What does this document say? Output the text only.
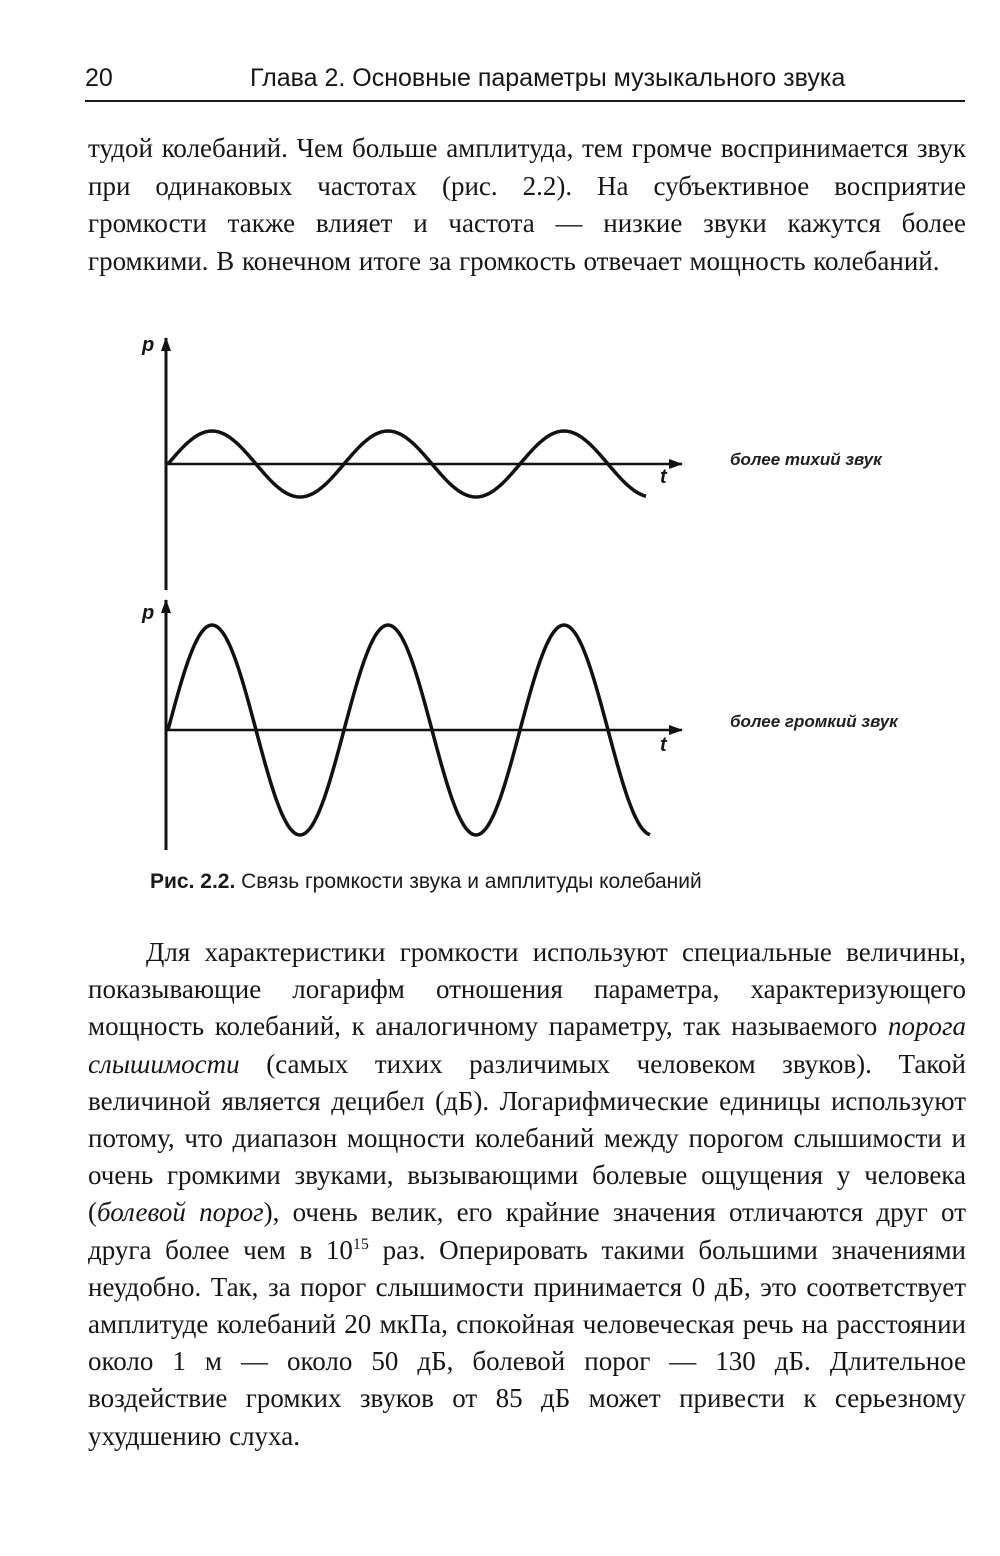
20	Глава 2. Основные параметры музыкального звука

тудой колебаний. Чем больше амплитуда, тем громче воспринимается звук при одинаковых частотах (рис. 2.2). На субъективное восприятие громкости также влияет и частота — низкие звуки кажутся более громкими. В конечном итоге за громкость отвечает мощность колебаний.

p
t
более тихий звук
p
t
более громкий звук
Рис. 2.2. Связь громкости звука и амплитуды колебаний

Для характеристики громкости используют специальные величины, показывающие логарифм отношения параметра, характеризующего мощность колебаний, к аналогичному параметру, так называемого порога слышимости (самых тихих различимых человеком звуков). Такой величиной является децибел (дБ). Логарифмические единицы используют потому, что диапазон мощности колебаний между порогом слышимости и очень громкими звуками, вызывающими болевые ощущения у человека (болевой порог), очень велик, его крайние значения отличаются друг от друга более чем в $10^{15}$ раз. Оперировать такими большими значениями неудобно. Так, за порог слышимости принимается 0 дБ, это соответствует амплитуде колебаний 20 мкПа, спокойная человеческая речь на расстоянии около 1 м — около 50 дБ, болевой порог — 130 дБ. Длительное воздействие громких звуков от 85 дБ может привести к серьезному ухудшению слуха.
